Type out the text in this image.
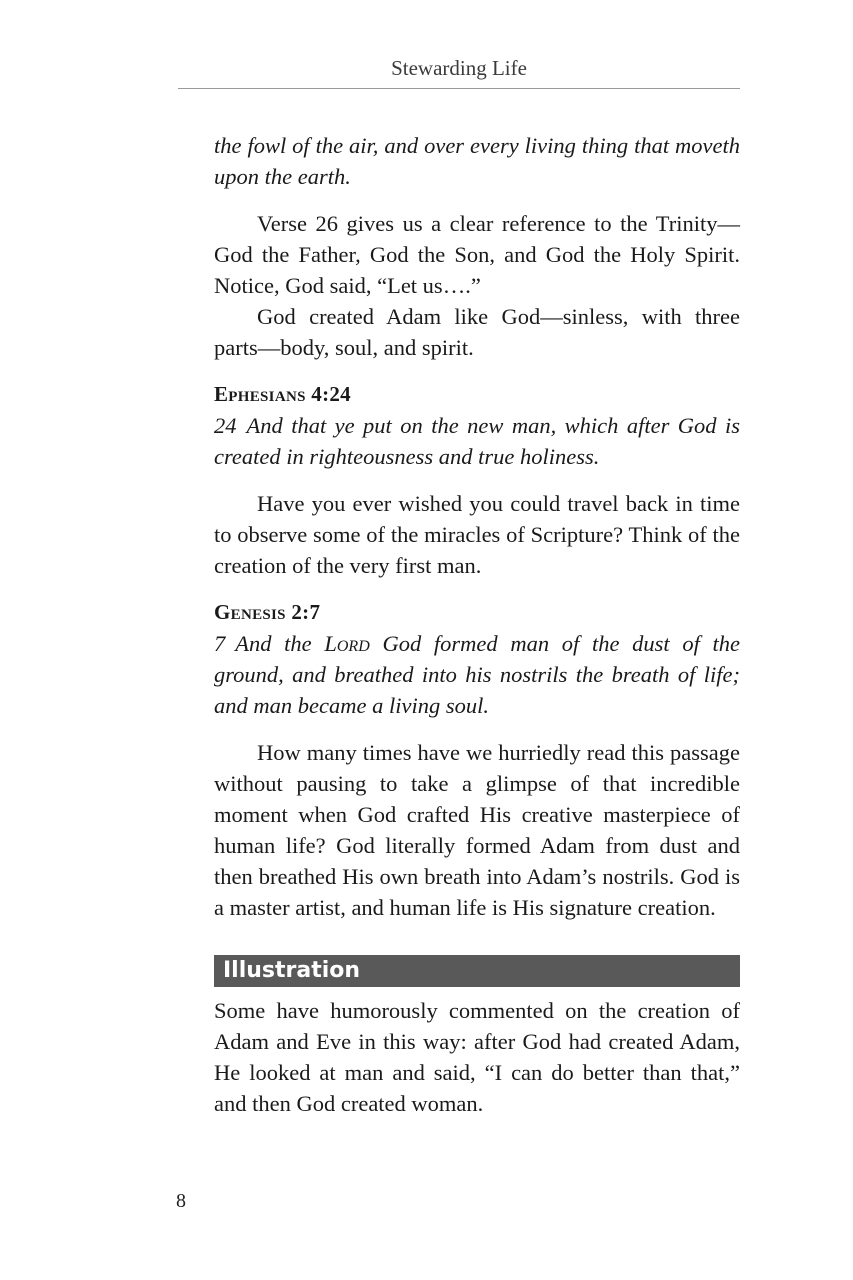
Stewarding Life

the fowl of the air, and over every living thing that moveth upon the earth.

Verse 26 gives us a clear reference to the Trinity—God the Father, God the Son, and God the Holy Spirit. Notice, God said, “Let us….”

God created Adam like God—sinless, with three parts—body, soul, and spirit.

Ephesians 4:24

24 And that ye put on the new man, which after God is created in righteousness and true holiness.

Have you ever wished you could travel back in time to observe some of the miracles of Scripture? Think of the creation of the very first man.

Genesis 2:7

7 And the Lord God formed man of the dust of the ground, and breathed into his nostrils the breath of life; and man became a living soul.

How many times have we hurriedly read this passage without pausing to take a glimpse of that incredible moment when God crafted His creative masterpiece of human life? God literally formed Adam from dust and then breathed His own breath into Adam’s nostrils. God is a master artist, and human life is His signature creation.

Illustration

Some have humorously commented on the creation of Adam and Eve in this way: after God had created Adam, He looked at man and said, “I can do better than that,” and then God created woman.

8
